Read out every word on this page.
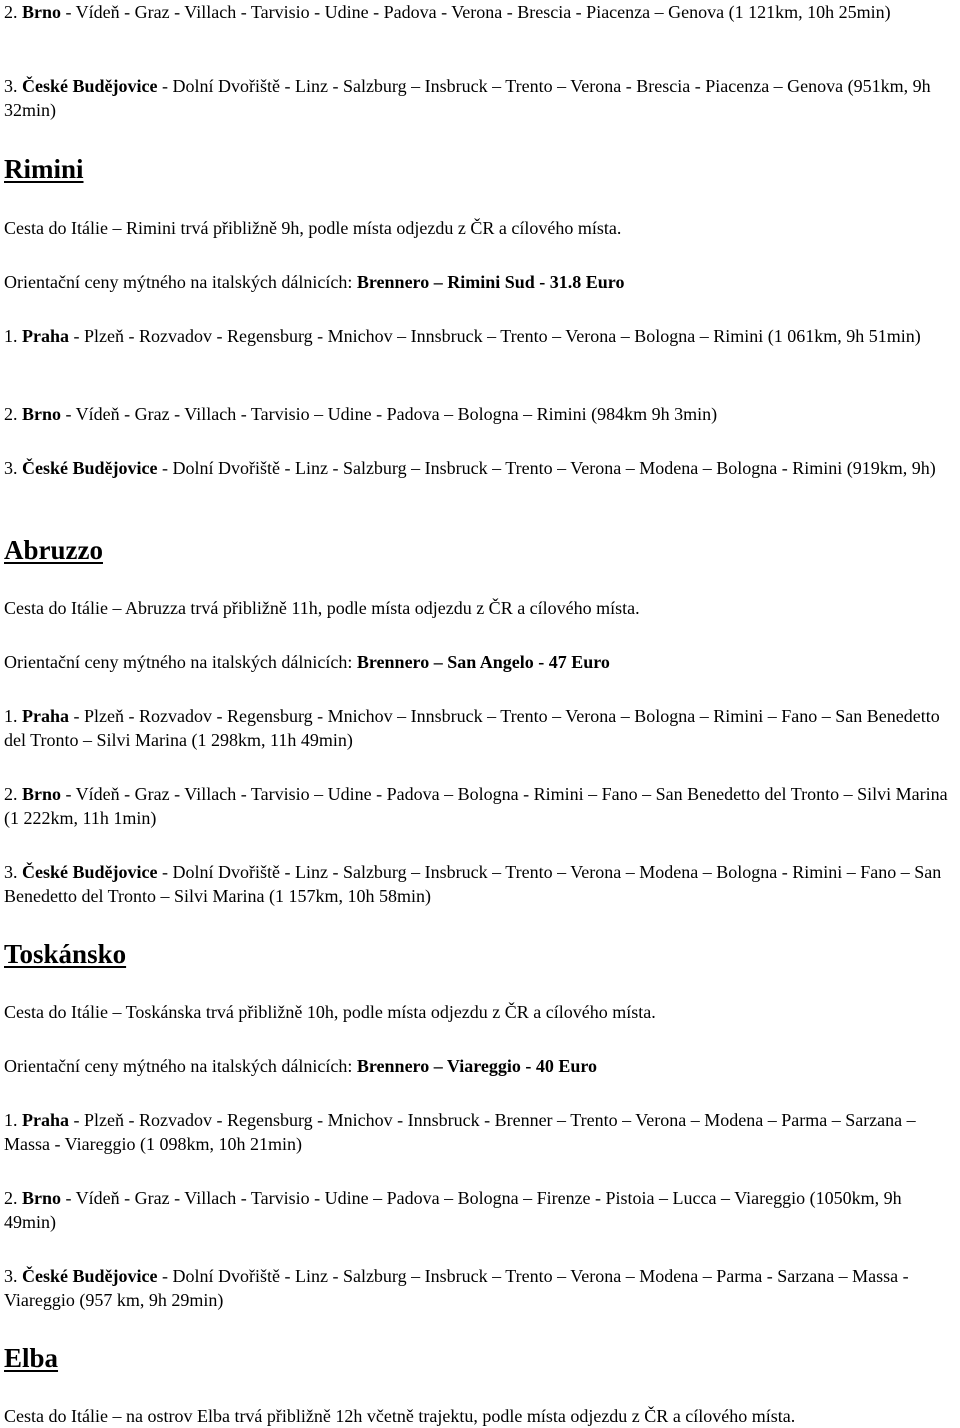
2. Brno - Vídeň - Graz - Villach - Tarvisio - Udine - Padova - Verona - Brescia - Piacenza – Genova (1 121km, 10h 25min)

3. České Budějovice - Dolní Dvořiště - Linz - Salzburg – Insbruck – Trento – Verona - Brescia - Piacenza – Genova (951km, 9h 32min)

Rimini

Cesta do Itálie – Rimini trvá přibližně 9h, podle místa odjezdu z ČR a cílového místa.

Orientační ceny mýtného na italských dálnicích: Brennero – Rimini Sud - 31.8 Euro

1. Praha - Plzeň - Rozvadov - Regensburg - Mnichov – Innsbruck – Trento – Verona – Bologna – Rimini (1 061km, 9h 51min)

2. Brno - Vídeň - Graz - Villach - Tarvisio – Udine - Padova – Bologna – Rimini (984km 9h 3min)

3. České Budějovice - Dolní Dvořiště - Linz - Salzburg – Insbruck – Trento – Verona – Modena – Bologna - Rimini (919km, 9h)

Abruzzo

Cesta do Itálie – Abruzza trvá přibližně 11h, podle místa odjezdu z ČR a cílového místa.

Orientační ceny mýtného na italských dálnicích: Brennero – San Angelo - 47 Euro

1. Praha - Plzeň - Rozvadov - Regensburg - Mnichov – Innsbruck – Trento – Verona – Bologna – Rimini – Fano – San Benedetto del Tronto – Silvi Marina (1 298km, 11h 49min)

2. Brno - Vídeň - Graz - Villach - Tarvisio – Udine - Padova – Bologna - Rimini – Fano – San Benedetto del Tronto – Silvi Marina (1 222km, 11h 1min)

3. České Budějovice - Dolní Dvořiště - Linz - Salzburg – Insbruck – Trento – Verona – Modena – Bologna - Rimini – Fano – San Benedetto del Tronto – Silvi Marina (1 157km, 10h 58min)

Toskánsko

Cesta do Itálie – Toskánska trvá přibližně 10h, podle místa odjezdu z ČR a cílového místa.

Orientační ceny mýtného na italských dálnicích: Brennero – Viareggio - 40 Euro

1. Praha - Plzeň - Rozvadov - Regensburg - Mnichov - Innsbruck - Brenner – Trento – Verona – Modena – Parma – Sarzana – Massa - Viareggio (1 098km, 10h 21min)

2. Brno - Vídeň - Graz - Villach - Tarvisio - Udine – Padova – Bologna – Firenze - Pistoia – Lucca – Viareggio (1050km, 9h 49min)

3. České Budějovice - Dolní Dvořiště - Linz - Salzburg – Insbruck – Trento – Verona – Modena – Parma - Sarzana – Massa - Viareggio (957 km, 9h 29min)

Elba

Cesta do Itálie – na ostrov Elba trvá přibližně 12h včetně trajektu, podle místa odjezdu z ČR a cílového místa.
